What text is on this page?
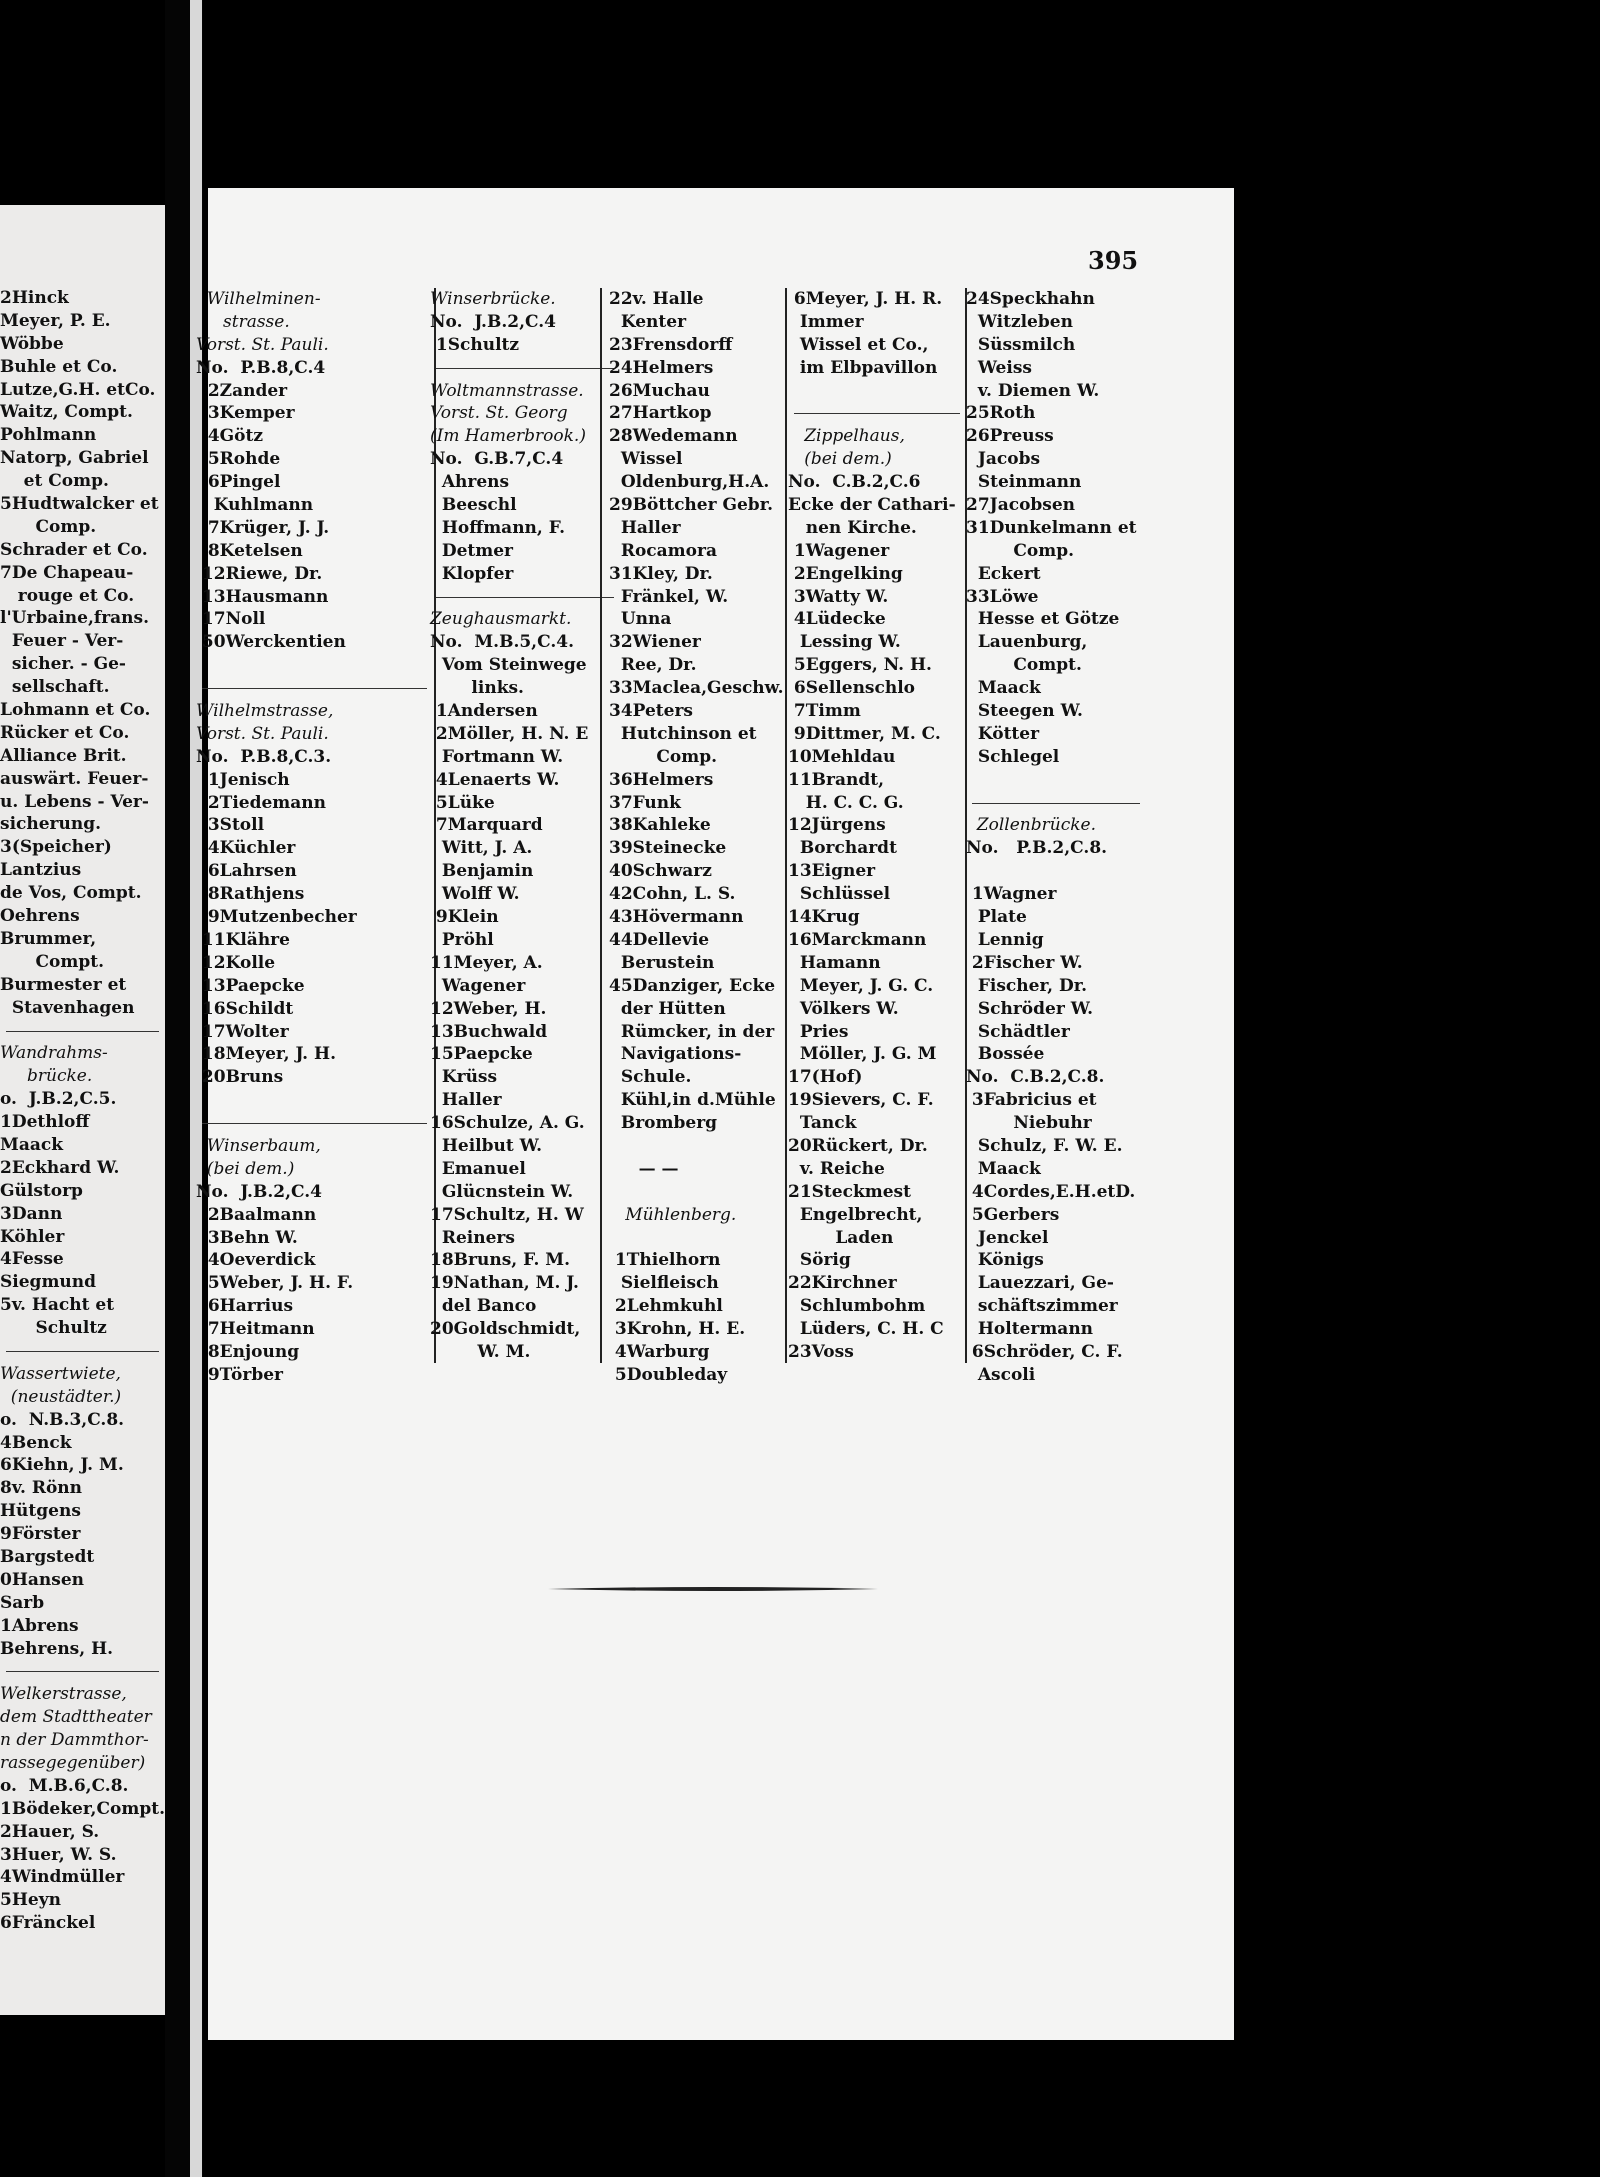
2Hinck
Meyer, P. E.
Wöbbe
Buhle et Co.
Lutze,G.H. etCo.
Waitz, Compt.
Pohlmann
Natorp, Gabriel
et Comp.
5Hudtwalcker et
Comp.
Schrader et Co.
7De Chapeau-
rouge et Co.
l'Urbaine,frans.
Feuer - Ver-
sicher. - Ge-
sellschaft.
Lohmann et Co.
Rücker et Co.
Alliance Brit.
auswärt. Feuer-
u. Lebens - Ver-
sicherung.
3(Speicher)
Lantzius
de Vos, Compt.
Oehrens
Brummer,
Compt.
Burmester et
Stavenhagen
Wandrahms-
brücke.
o.  J.B.2,C.5.
1Dethloff
Maack
2Eckhard W.
Gülstorp
3Dann
Köhler
4Fesse
Siegmund
5v. Hacht et
Schultz
Wassertwiete,
(neustädter.)
o.  N.B.3,C.8.
4Benck
6Kiehn, J. M.
8v. Rönn
Hütgens
9Förster
Bargstedt
0Hansen
Sarb
1Abrens
Behrens, H.
Welkerstrasse,
dem Stadttheater
n der Dammthor-
rassegegenüber)
o.  M.B.6,C.8.
1Bödeker,Compt.
2Hauer, S.
3Huer, W. S.
4Windmüller
5Heyn
6Fränckel
395
Wilhelminen-
strasse.
Vorst. St. Pauli.
No.  P.B.8,C.4
2Zander
3Kemper
4Götz
5Rohde
6Pingel
Kuhlmann
7Krüger, J. J.
8Ketelsen
12Riewe, Dr.
13Hausmann
17Noll
50Werckentien
Wilhelmstrasse,
Vorst. St. Pauli.
No.  P.B.8,C.3.
1Jenisch
2Tiedemann
3Stoll
4Küchler
6Lahrsen
8Rathjens
9Mutzenbecher
11Klähre
12Kolle
13Paepcke
16Schildt
17Wolter
18Meyer, J. H.
20Bruns
Winserbaum,
(bei dem.)
No.  J.B.2,C.4
2Baalmann
3Behn W.
4Oeverdick
5Weber, J. H. F.
6Harrius
7Heitmann
8Enjoung
9Törber
Winserbrücke.
No.  J.B.2,C.4
1Schultz
Woltmannstrasse.
Vorst. St. Georg
(Im Hamerbrook.)
No.  G.B.7,C.4
Ahrens
Beeschl
Hoffmann, F.
Detmer
Klopfer
Zeughausmarkt.
No.  M.B.5,C.4.
Vom Steinwege
links.
1Andersen
2Möller, H. N. E
Fortmann W.
4Lenaerts W.
5Lüke
7Marquard
Witt, J. A.
Benjamin
Wolff W.
9Klein
Pröhl
11Meyer, A.
Wagener
12Weber, H.
13Buchwald
15Paepcke
Krüss
Haller
16Schulze, A. G.
Heilbut W.
Emanuel
Glücnstein W.
17Schultz, H. W
Reiners
18Bruns, F. M.
19Nathan, M. J.
del Banco
20Goldschmidt,
W. M.
22v. Halle
Kenter
23Frensdorff
24Helmers
26Muchau
27Hartkop
28Wedemann
Wissel
Oldenburg,H.A.
29Böttcher Gebr.
Haller
Rocamora
31Kley, Dr.
Fränkel, W.
Unna
32Wiener
Ree, Dr.
33Maclea,Geschw.
34Peters
Hutchinson et
Comp.
36Helmers
37Funk
38Kahleke
39Steinecke
40Schwarz
42Cohn, L. S.
43Hövermann
44Dellevie
Berustein
45Danziger, Ecke
der Hütten
Rümcker, in der
Navigations-
Schule.
Kühl,in d.Mühle
Bromberg
— —
Mühlenberg.
1Thielhorn
Sielfleisch
2Lehmkuhl
3Krohn, H. E.
4Warburg
5Doubleday
6Meyer, J. H. R.
Immer
Wissel et Co.,
im Elbpavillon
Zippelhaus,
(bei dem.)
No.  C.B.2,C.6
Ecke der Cathari-
nen Kirche.
1Wagener
2Engelking
3Watty W.
4Lüdecke
Lessing W.
5Eggers, N. H.
6Sellenschlo
7Timm
9Dittmer, M. C.
10Mehldau
11Brandt,
H. C. C. G.
12Jürgens
Borchardt
13Eigner
Schlüssel
14Krug
16Marckmann
Hamann
Meyer, J. G. C.
Völkers W.
Pries
Möller, J. G. M
17(Hof)
19Sievers, C. F.
Tanck
20Rückert, Dr.
v. Reiche
21Steckmest
Engelbrecht,
Laden
Sörig
22Kirchner
Schlumbohm
Lüders, C. H. C
23Voss
24Speckhahn
Witzleben
Süssmilch
Weiss
v. Diemen W.
25Roth
26Preuss
Jacobs
Steinmann
27Jacobsen
31Dunkelmann et
Comp.
Eckert
33Löwe
Hesse et Götze
Lauenburg,
Compt.
Maack
Steegen W.
Kötter
Schlegel
Zollenbrücke.
No.   P.B.2,C.8.
1Wagner
Plate
Lennig
2Fischer W.
Fischer, Dr.
Schröder W.
Schädtler
Bossée
No.  C.B.2,C.8.
3Fabricius et
Niebuhr
Schulz, F. W. E.
Maack
4Cordes,E.H.etD.
5Gerbers
Jenckel
Königs
Lauezzari, Ge-
schäftszimmer
Holtermann
6Schröder, C. F.
Ascoli
